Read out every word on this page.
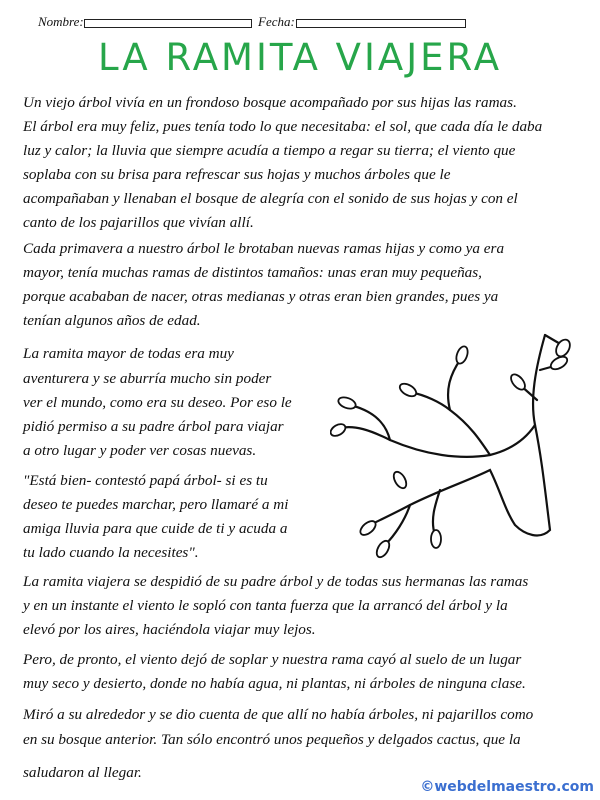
Nombre:	Fecha:
LA RAMITA VIAJERA
Un viejo árbol vivía en un frondoso bosque acompañado por sus hijas las ramas.
El árbol era muy feliz, pues tenía todo lo que necesitaba: el sol, que cada día le daba
luz y calor; la lluvia que siempre acudía a tiempo a regar su tierra; el viento que
soplaba con su brisa para refrescar sus hojas y muchos árboles que le
acompañaban y llenaban el bosque de alegría con el sonido de sus hojas y con el
canto de los pajarillos que vivían allí.
Cada primavera a nuestro árbol le brotaban nuevas ramas hijas y como ya era
mayor, tenía muchas ramas de distintos tamaños: unas eran muy pequeñas,
porque acababan de nacer, otras medianas y otras eran bien grandes, pues ya
tenían algunos años de edad.
La ramita mayor de todas era muy
aventurera y se aburría mucho sin poder
ver el mundo, como era su deseo. Por eso le
pidió permiso a su padre árbol para viajar
a otro lugar y poder ver cosas nuevas.
"Está bien- contestó papá árbol- si es tu
deseo te puedes marchar, pero llamaré a mi
amiga lluvia para que cuide de ti y acuda a
tu lado cuando la necesites".
La ramita viajera se despidió de su padre árbol y de todas sus hermanas las ramas
y en un instante el viento le sopló con tanta fuerza que la arrancó del árbol y la
elevó por los aires, haciéndola viajar muy lejos.
Pero, de pronto, el viento dejó de soplar y nuestra rama cayó al suelo de un lugar
muy seco y desierto, donde no había agua, ni plantas, ni árboles de ninguna clase.
Miró a su alrededor y se dio cuenta de que allí no había árboles, ni pajarillos como
en su bosque anterior. Tan sólo encontró unos pequeños y delgados cactus, que la
saludaron al llegar.
©webdelmaestro.com
